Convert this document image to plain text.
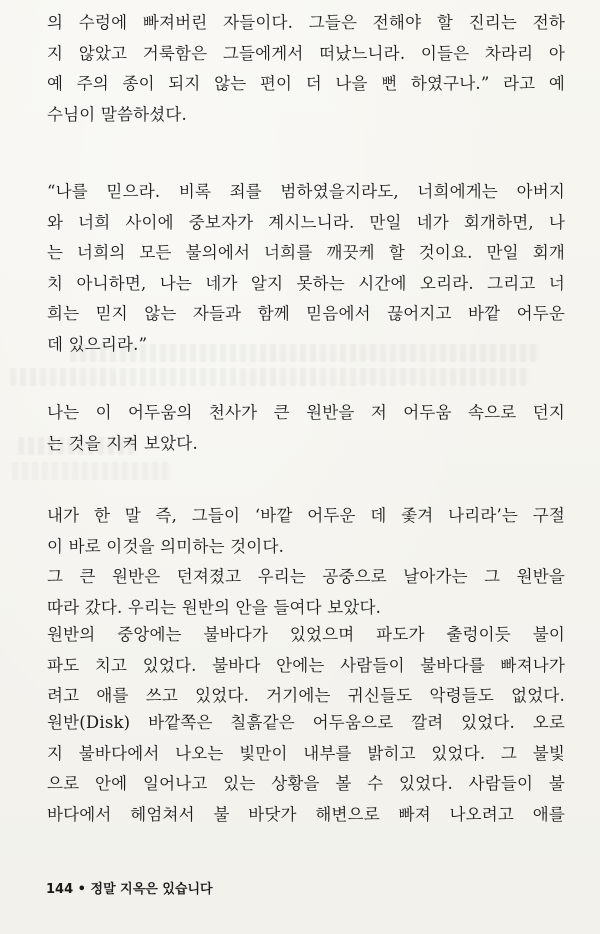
의 수렁에 빠져버린 자들이다. 그들은 전해야 할 진리는 전하
지 않았고 거룩함은 그들에게서 떠났느니라. 이들은 차라리 아
예 주의 종이 되지 않는 편이 더 나을 뻔 하였구나.” 라고 예
수님이 말씀하셨다.
“나를 믿으라. 비록 죄를 범하였을지라도, 너희에게는 아버지
와 너희 사이에 중보자가 계시느니라. 만일 네가 회개하면, 나
는 너희의 모든 불의에서 너희를 깨끗케 할 것이요. 만일 회개
치 아니하면, 나는 네가 알지 못하는 시간에 오리라. 그리고 너
희는 믿지 않는 자들과 함께 믿음에서 끊어지고 바깥 어두운
데 있으리라.”
나는 이 어두움의 천사가 큰 원반을 저 어두움 속으로 던지
는 것을 지켜 보았다.
내가 한 말 즉, 그들이 ‘바깥 어두운 데 좇겨 나리라’는 구절
이 바로 이것을 의미하는 것이다.
그 큰 원반은 던져졌고 우리는 공중으로 날아가는 그 원반을
따라 갔다. 우리는 원반의 안을 들여다 보았다.
원반의 중앙에는 불바다가 있었으며 파도가 출렁이듯 불이
파도 치고 있었다. 불바다 안에는 사람들이 불바다를 빠져나가
려고 애를 쓰고 있었다. 거기에는 귀신들도 악령들도 없었다.
원반(Disk) 바깥쪽은 칠흙같은 어두움으로 깔려 있었다. 오로
지 불바다에서 나오는 빛만이 내부를 밝히고 있었다. 그 불빛
으로 안에 일어나고 있는 상황을 볼 수 있었다. 사람들이 불
바다에서 헤엄쳐서 불 바닷가 해변으로 빠져 나오려고 애를
144 • 정말 지옥은 있습니다
